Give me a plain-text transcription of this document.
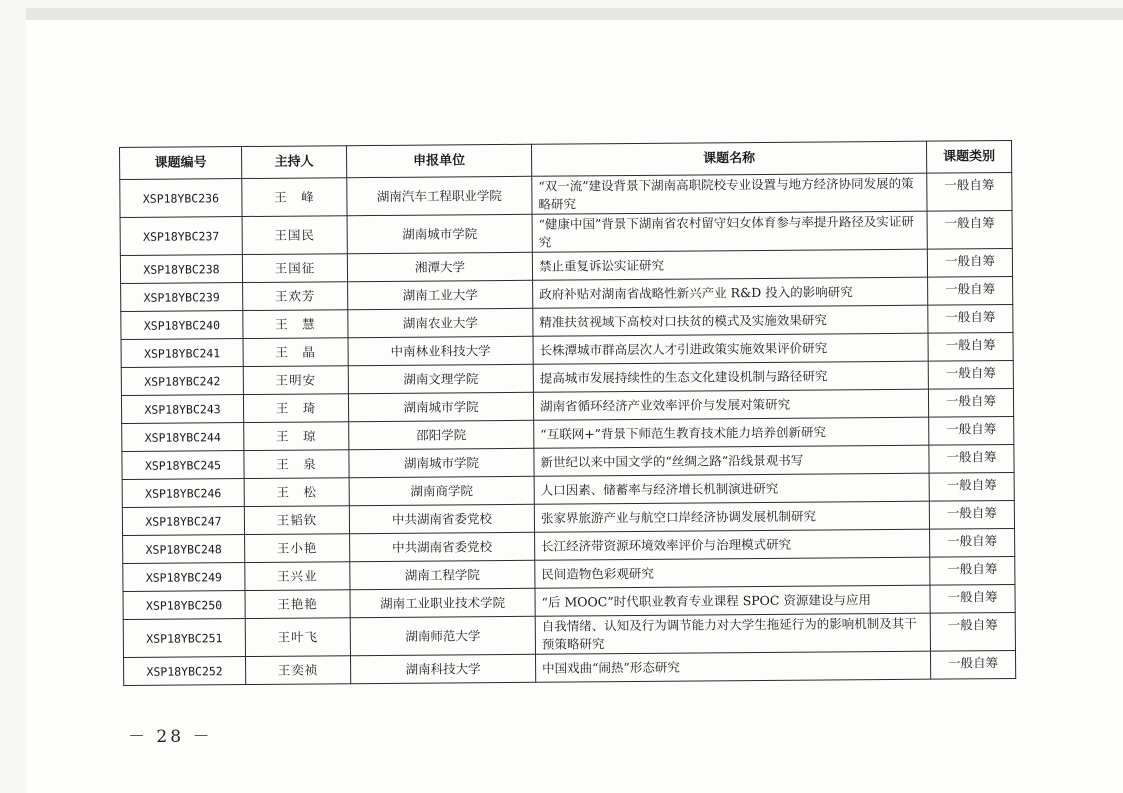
课题编号	主持人	申报单位	课题名称	课题类别
XSP18YBC236	王　峰	湖南汽车工程职业学院	“双一流”建设背景下湖南高职院校专业设置与地方经济协同发展的策略研究	一般自筹
XSP18YBC237	王国民	湖南城市学院	“健康中国”背景下湖南省农村留守妇女体育参与率提升路径及实证研究	一般自筹
XSP18YBC238	王国征	湘潭大学	禁止重复诉讼实证研究	一般自筹
XSP18YBC239	王欢芳	湖南工业大学	政府补贴对湖南省战略性新兴产业 R&D 投入的影响研究	一般自筹
XSP18YBC240	王　慧	湖南农业大学	精准扶贫视域下高校对口扶贫的模式及实施效果研究	一般自筹
XSP18YBC241	王　晶	中南林业科技大学	长株潭城市群高层次人才引进政策实施效果评价研究	一般自筹
XSP18YBC242	王明安	湖南文理学院	提高城市发展持续性的生态文化建设机制与路径研究	一般自筹
XSP18YBC243	王　琦	湖南城市学院	湖南省循环经济产业效率评价与发展对策研究	一般自筹
XSP18YBC244	王　琼	邵阳学院	“互联网+”背景下师范生教育技术能力培养创新研究	一般自筹
XSP18YBC245	王　泉	湖南城市学院	新世纪以来中国文学的“丝绸之路”沿线景观书写	一般自筹
XSP18YBC246	王　松	湖南商学院	人口因素、储蓄率与经济增长机制演进研究	一般自筹
XSP18YBC247	王韬钦	中共湖南省委党校	张家界旅游产业与航空口岸经济协调发展机制研究	一般自筹
XSP18YBC248	王小艳	中共湖南省委党校	长江经济带资源环境效率评价与治理模式研究	一般自筹
XSP18YBC249	王兴业	湖南工程学院	民间造物色彩观研究	一般自筹
XSP18YBC250	王艳艳	湖南工业职业技术学院	“后 MOOC”时代职业教育专业课程 SPOC 资源建设与应用	一般自筹
XSP18YBC251	王叶飞	湖南师范大学	自我情绪、认知及行为调节能力对大学生拖延行为的影响机制及其干预策略研究	一般自筹
XSP18YBC252	王奕祯	湖南科技大学	中国戏曲“闹热”形态研究	一般自筹
－ 28 －
